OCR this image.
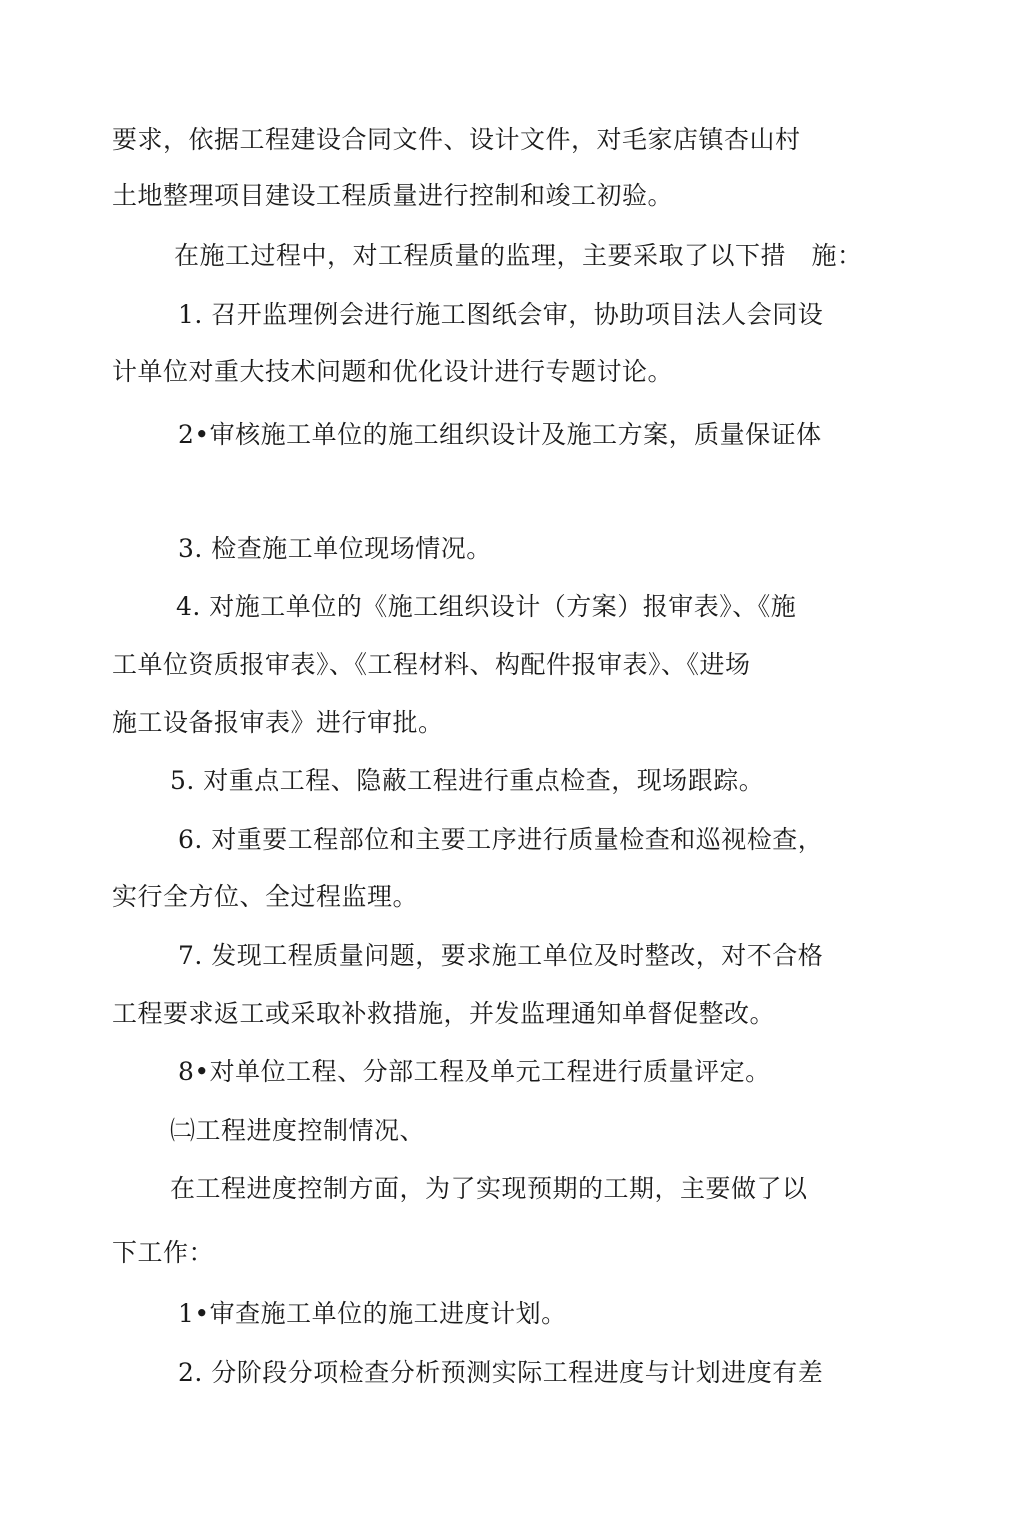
要求，依据工程建设合同文件、设计文件，对毛家店镇杏山村
土地整理项目建设工程质量进行控制和竣工初验。
在施工过程中，对工程质量的监理，主要采取了以下措　施：
1. 召开监理例会进行施工图纸会审，协助项目法人会同设
计单位对重大技术问题和优化设计进行专题讨论。
2•审核施工单位的施工组织设计及施工方案，质量保证体
3. 检查施工单位现场情况。
4. 对施工单位的《施工组织设计（方案）报审表》、《施
工单位资质报审表》、《工程材料、构配件报审表》、《进场
施工设备报审表》进行审批。
5. 对重点工程、隐蔽工程进行重点检查，现场跟踪。
6. 对重要工程部位和主要工序进行质量检查和巡视检查，
实行全方位、全过程监理。
7. 发现工程质量问题，要求施工单位及时整改，对不合格
工程要求返工或采取补救措施，并发监理通知单督促整改。
8•对单位工程、分部工程及单元工程进行质量评定。
㈡工程进度控制情况、
在工程进度控制方面，为了实现预期的工期，主要做了以
下工作：
1•审查施工单位的施工进度计划。
2. 分阶段分项检查分析预测实际工程进度与计划进度有差
